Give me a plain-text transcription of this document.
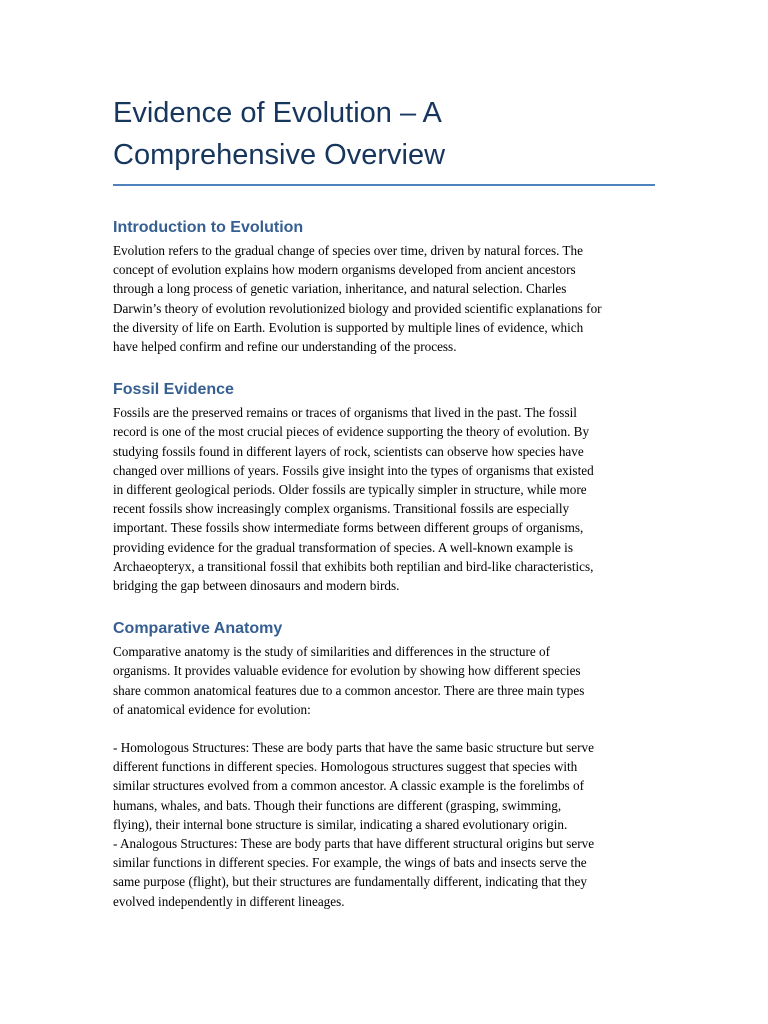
Evidence of Evolution – A
Comprehensive Overview
Introduction to Evolution

Evolution refers to the gradual change of species over time, driven by natural forces. The
concept of evolution explains how modern organisms developed from ancient ancestors
through a long process of genetic variation, inheritance, and natural selection. Charles
Darwin’s theory of evolution revolutionized biology and provided scientific explanations for
the diversity of life on Earth. Evolution is supported by multiple lines of evidence, which
have helped confirm and refine our understanding of the process.

Fossil Evidence

Fossils are the preserved remains or traces of organisms that lived in the past. The fossil
record is one of the most crucial pieces of evidence supporting the theory of evolution. By
studying fossils found in different layers of rock, scientists can observe how species have
changed over millions of years. Fossils give insight into the types of organisms that existed
in different geological periods. Older fossils are typically simpler in structure, while more
recent fossils show increasingly complex organisms. Transitional fossils are especially
important. These fossils show intermediate forms between different groups of organisms,
providing evidence for the gradual transformation of species. A well-known example is
Archaeopteryx, a transitional fossil that exhibits both reptilian and bird-like characteristics,
bridging the gap between dinosaurs and modern birds.

Comparative Anatomy

Comparative anatomy is the study of similarities and differences in the structure of
organisms. It provides valuable evidence for evolution by showing how different species
share common anatomical features due to a common ancestor. There are three main types
of anatomical evidence for evolution:

- Homologous Structures: These are body parts that have the same basic structure but serve
different functions in different species. Homologous structures suggest that species with
similar structures evolved from a common ancestor. A classic example is the forelimbs of
humans, whales, and bats. Though their functions are different (grasping, swimming,
flying), their internal bone structure is similar, indicating a shared evolutionary origin.
- Analogous Structures: These are body parts that have different structural origins but serve
similar functions in different species. For example, the wings of bats and insects serve the
same purpose (flight), but their structures are fundamentally different, indicating that they
evolved independently in different lineages.
